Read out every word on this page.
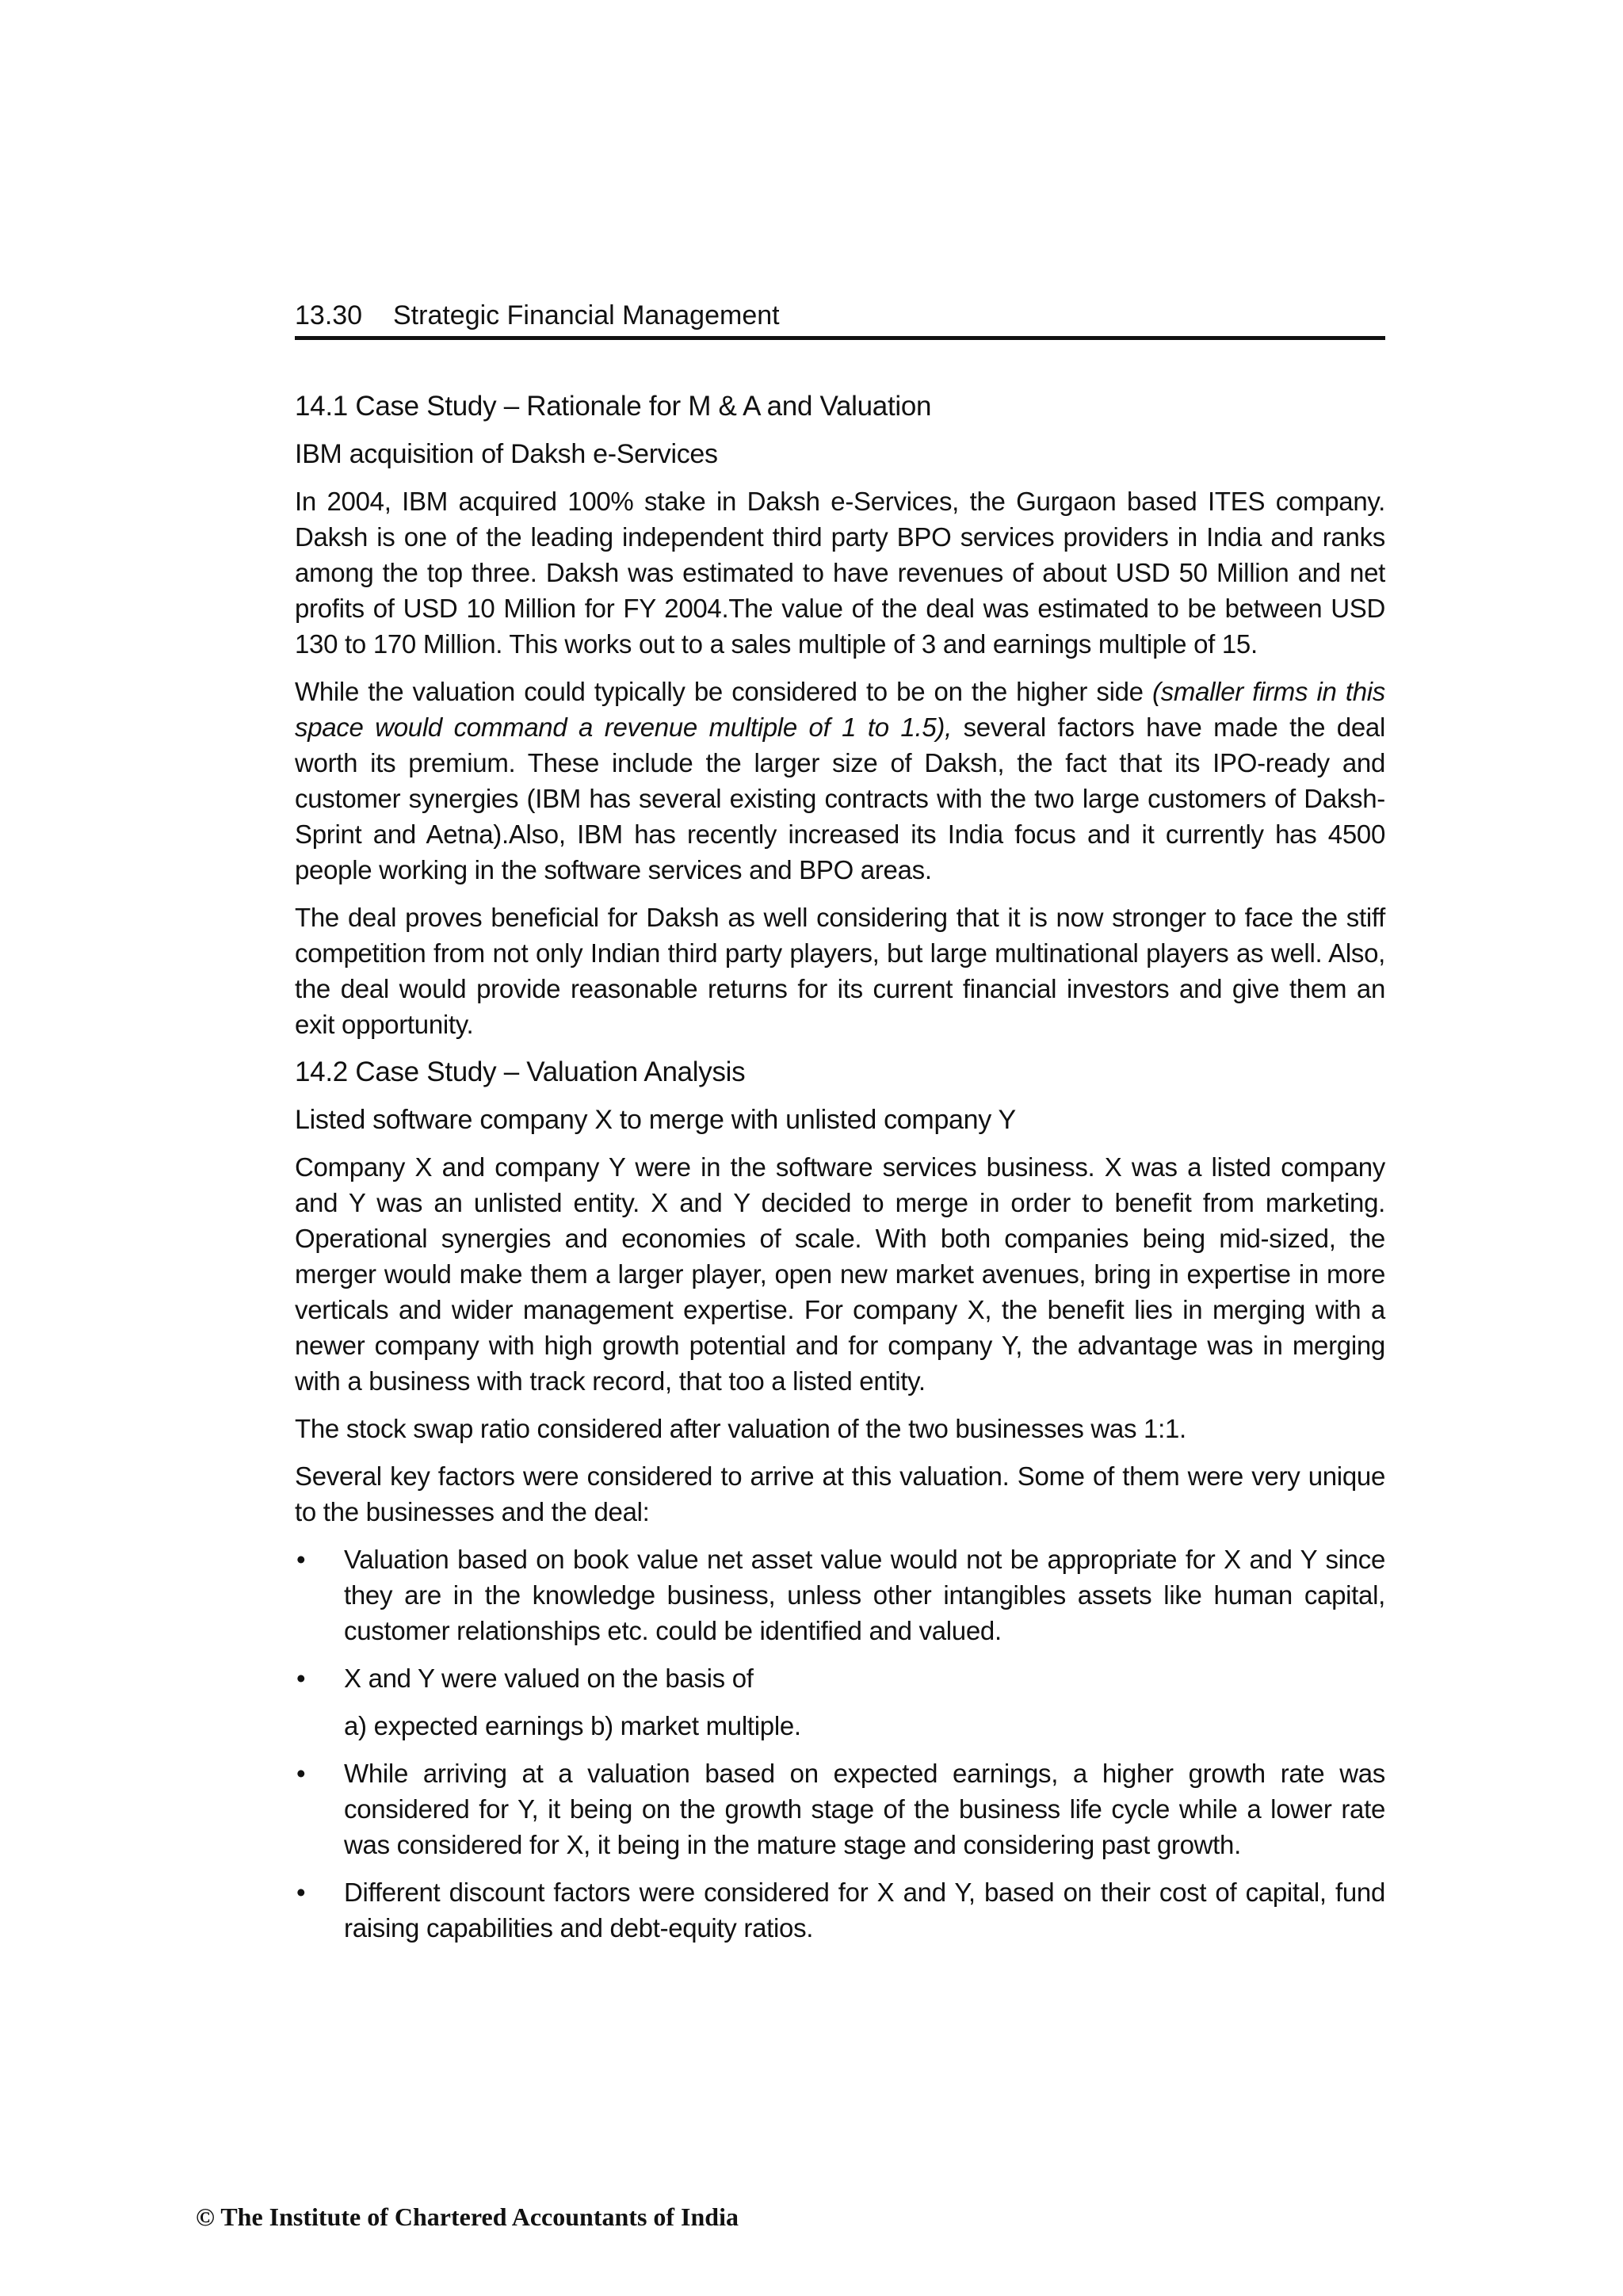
13.30 Strategic Financial Management
14.1 Case Study – Rationale for M & A and Valuation
IBM acquisition of Daksh e-Services

In 2004, IBM acquired 100% stake in Daksh e-Services, the Gurgaon based ITES company. Daksh is one of the leading independent third party BPO services providers in India and ranks among the top three. Daksh was estimated to have revenues of about USD 50 Million and net profits of USD 10 Million for FY 2004.The value of the deal was estimated to be between USD 130 to 170 Million. This works out to a sales multiple of 3 and earnings multiple of 15.

While the valuation could typically be considered to be on the higher side (smaller firms in this space would command a revenue multiple of 1 to 1.5), several factors have made the deal worth its premium. These include the larger size of Daksh, the fact that its IPO-ready and customer synergies (IBM has several existing contracts with the two large customers of Daksh-Sprint and Aetna).Also, IBM has recently increased its India focus and it currently has 4500 people working in the software services and BPO areas.

The deal proves beneficial for Daksh as well considering that it is now stronger to face the stiff competition from not only Indian third party players, but large multinational players as well. Also, the deal would provide reasonable returns for its current financial investors and give them an exit opportunity.

14.2 Case Study – Valuation Analysis
Listed software company X to merge with unlisted company Y

Company X and company Y were in the software services business. X was a listed company and Y was an unlisted entity. X and Y decided to merge in order to benefit from marketing. Operational synergies and economies of scale. With both companies being mid-sized, the merger would make them a larger player, open new market avenues, bring in expertise in more verticals and wider management expertise. For company X, the benefit lies in merging with a newer company with high growth potential and for company Y, the advantage was in merging with a business with track record, that too a listed entity.

The stock swap ratio considered after valuation of the two businesses was 1:1.

Several key factors were considered to arrive at this valuation. Some of them were very unique to the businesses and the deal:

• Valuation based on book value net asset value would not be appropriate for X and Y since they are in the knowledge business, unless other intangibles assets like human capital, customer relationships etc. could be identified and valued.
• X and Y were valued on the basis of
a) expected earnings b) market multiple.
• While arriving at a valuation based on expected earnings, a higher growth rate was considered for Y, it being on the growth stage of the business life cycle while a lower rate was considered for X, it being in the mature stage and considering past growth.
• Different discount factors were considered for X and Y, based on their cost of capital, fund raising capabilities and debt-equity ratios.
© The Institute of Chartered Accountants of India
